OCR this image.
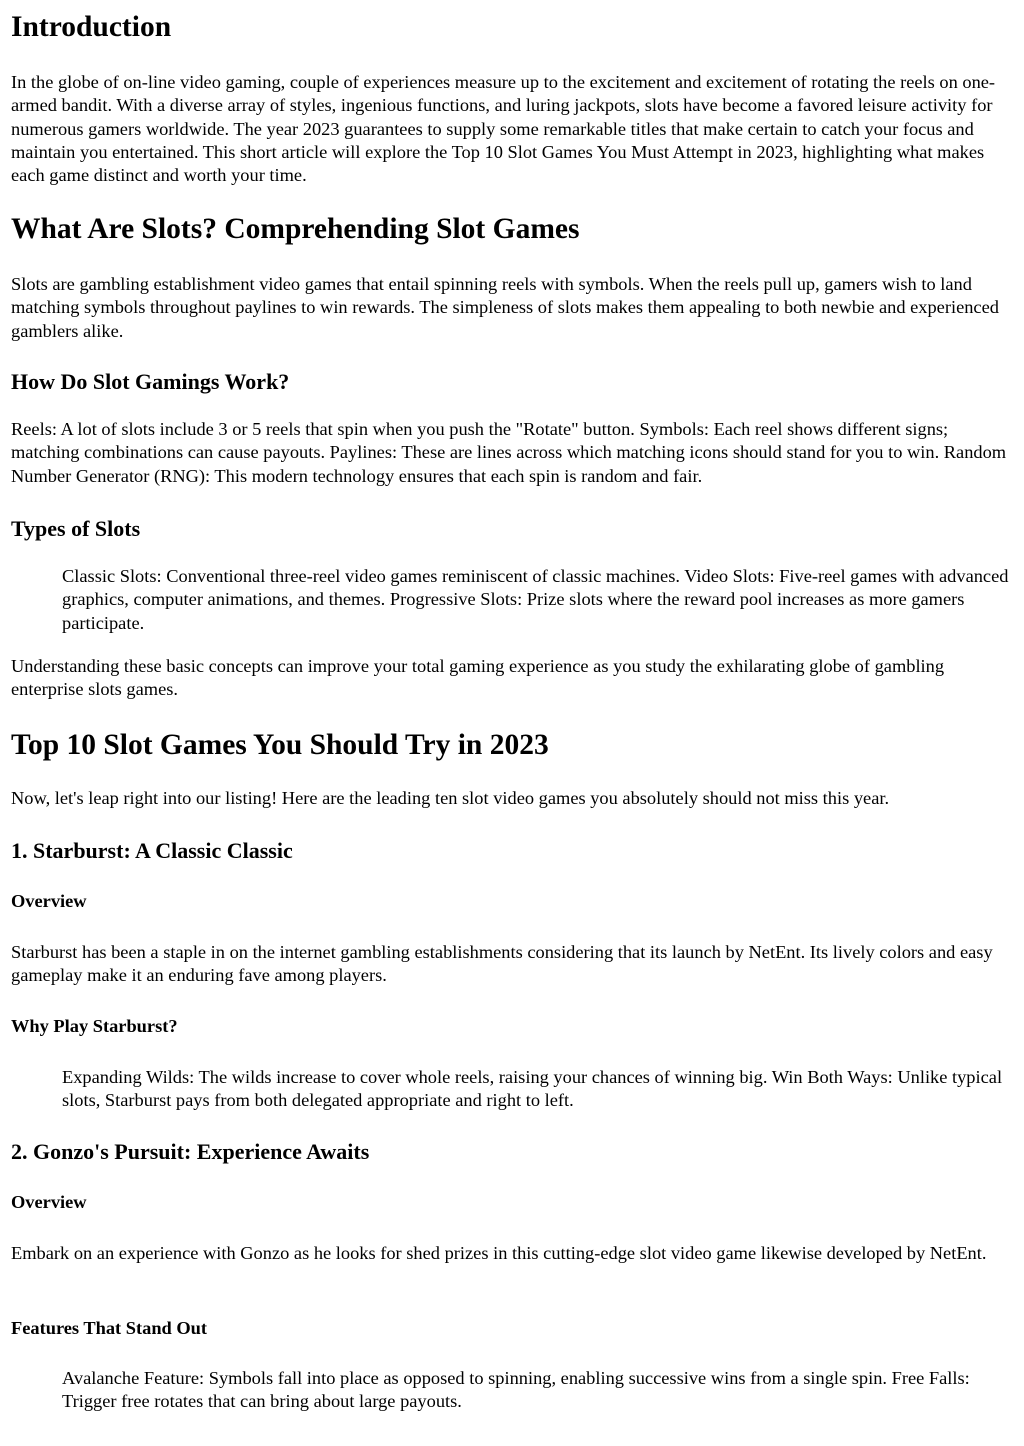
Introduction

In the globe of on-line video gaming, couple of experiences measure up to the excitement and excitement of rotating the reels on one-armed bandit. With a diverse array of styles, ingenious functions, and luring jackpots, slots have become a favored leisure activity for numerous gamers worldwide. The year 2023 guarantees to supply some remarkable titles that make certain to catch your focus and maintain you entertained. This short article will explore the Top 10 Slot Games You Must Attempt in 2023, highlighting what makes each game distinct and worth your time.

What Are Slots? Comprehending Slot Games

Slots are gambling establishment video games that entail spinning reels with symbols. When the reels pull up, gamers wish to land matching symbols throughout paylines to win rewards. The simpleness of slots makes them appealing to both newbie and experienced gamblers alike.

How Do Slot Gamings Work?

Reels: A lot of slots include 3 or 5 reels that spin when you push the "Rotate" button. Symbols: Each reel shows different signs; matching combinations can cause payouts. Paylines: These are lines across which matching icons should stand for you to win. Random Number Generator (RNG): This modern technology ensures that each spin is random and fair.

Types of Slots

Classic Slots: Conventional three-reel video games reminiscent of classic machines. Video Slots: Five-reel games with advanced graphics, computer animations, and themes. Progressive Slots: Prize slots where the reward pool increases as more gamers participate.

Understanding these basic concepts can improve your total gaming experience as you study the exhilarating globe of gambling enterprise slots games.

Top 10 Slot Games You Should Try in 2023

Now, let's leap right into our listing! Here are the leading ten slot video games you absolutely should not miss this year.

1. Starburst: A Classic Classic
Overview

Starburst has been a staple in on the internet gambling establishments considering that its launch by NetEnt. Its lively colors and easy gameplay make it an enduring fave among players.

Why Play Starburst?

Expanding Wilds: The wilds increase to cover whole reels, raising your chances of winning big. Win Both Ways: Unlike typical slots, Starburst pays from both delegated appropriate and right to left.

2. Gonzo's Pursuit: Experience Awaits
Overview

Embark on an experience with Gonzo as he looks for shed prizes in this cutting-edge slot video game likewise developed by NetEnt.

Features That Stand Out

Avalanche Feature: Symbols fall into place as opposed to spinning, enabling successive wins from a single spin. Free Falls: Trigger free rotates that can bring about large payouts.
